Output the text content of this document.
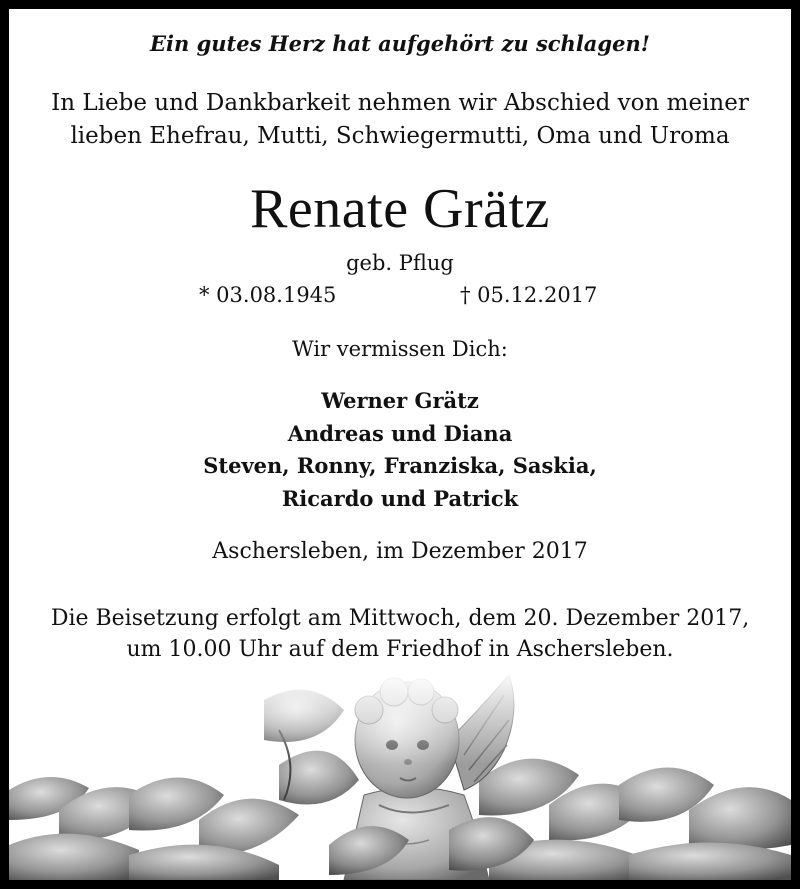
Ein gutes Herz hat aufgehört zu schlagen!
In Liebe und Dankbarkeit nehmen wir Abschied von meiner
lieben Ehefrau, Mutti, Schwiegermutti, Oma und Uroma
Renate Grätz
geb. Pflug
* 03.08.1945	† 05.12.2017
Wir vermissen Dich:
Werner Grätz
Andreas und Diana
Steven, Ronny, Franziska, Saskia,
Ricardo und Patrick
Aschersleben, im Dezember 2017
Die Beisetzung erfolgt am Mittwoch, dem 20. Dezember 2017,
um 10.00 Uhr auf dem Friedhof in Aschersleben.
